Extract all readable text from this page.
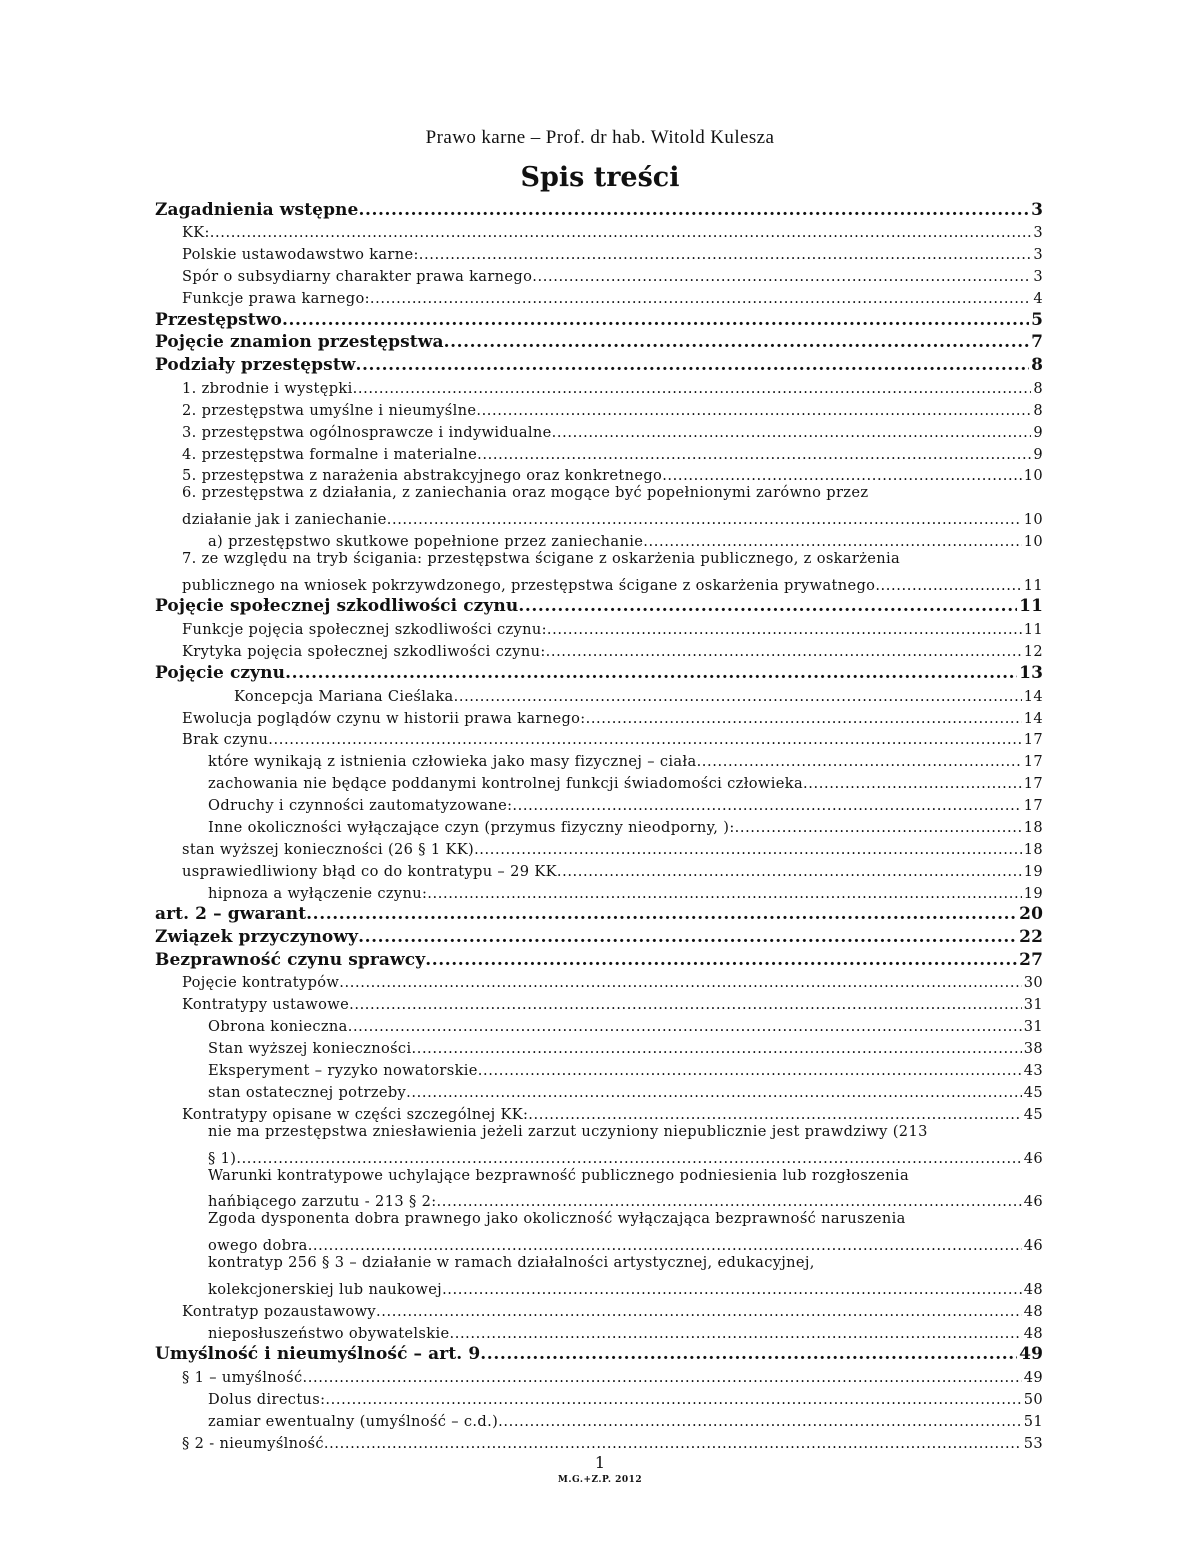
Prawo karne – Prof. dr hab. Witold Kulesza
Spis treści
Zagadnienia wstępne .....	3
KK: .....	3
Polskie ustawodawstwo karne: .....	3
Spór o subsydiarny charakter prawa karnego .....	3
Funkcje prawa karnego: .....	4
Przestępstwo .....	5
Pojęcie znamion przestępstwa .....	7
Podziały przestępstw .....	8
1. zbrodnie i występki .....	8
2. przestępstwa umyślne i nieumyślne .....	8
3. przestępstwa ogólnosprawcze i indywidualne .....	9
4. przestępstwa formalne i materialne .....	9
5. przestępstwa z narażenia abstrakcyjnego oraz konkretnego .....	10
6. przestępstwa z działania, z zaniechania oraz mogące być popełnionymi zarówno przez
działanie jak i zaniechanie .....	10
a) przestępstwo skutkowe popełnione przez zaniechanie .....	10
7. ze względu na tryb ścigania: przestępstwa ścigane z oskarżenia publicznego, z oskarżenia
publicznego na wniosek pokrzywdzonego, przestępstwa ścigane z oskarżenia prywatnego .....	11
Pojęcie społecznej szkodliwości czynu .....	11
Funkcje pojęcia społecznej szkodliwości czynu: .....	11
Krytyka pojęcia społecznej szkodliwości czynu: .....	12
Pojęcie czynu .....	13
Koncepcja Mariana Cieślaka .....	14
Ewolucja poglądów czynu w historii prawa karnego: .....	14
Brak czynu .....	17
które wynikają z istnienia człowieka jako masy fizycznej – ciała .....	17
zachowania nie będące poddanymi kontrolnej funkcji świadomości człowieka .....	17
Odruchy i czynności zautomatyzowane: .....	17
Inne okoliczności wyłączające czyn (przymus fizyczny nieodporny, ): .....	18
stan wyższej konieczności (26 § 1 KK) .....	18
usprawiedliwiony błąd co do kontratypu – 29 KK .....	19
hipnoza a wyłączenie czynu: .....	19
art. 2 – gwarant .....	20
Związek przyczynowy .....	22
Bezprawność czynu sprawcy .....	27
Pojęcie kontratypów .....	30
Kontratypy ustawowe .....	31
Obrona konieczna .....	31
Stan wyższej konieczności .....	38
Eksperyment – ryzyko nowatorskie .....	43
stan ostatecznej potrzeby .....	45
Kontratypy opisane w części szczególnej KK: .....	45
nie ma przestępstwa zniesławienia jeżeli zarzut uczyniony niepublicznie jest prawdziwy (213
§ 1) .....	46
Warunki kontratypowe uchylające bezprawność publicznego podniesienia lub rozgłoszenia
hańbiącego zarzutu - 213 § 2: .....	46
Zgoda dysponenta dobra prawnego jako okoliczność wyłączająca bezprawność naruszenia
owego dobra .....	46
kontratyp 256 § 3 – działanie w ramach działalności artystycznej, edukacyjnej,
kolekcjonerskiej lub naukowej .....	48
Kontratyp pozaustawowy .....	48
nieposłuszeństwo obywatelskie .....	48
Umyślność i nieumyślność – art. 9 .....	49
§ 1 – umyślność .....	49
Dolus directus: .....	50
zamiar ewentualny (umyślność – c.d.) .....	51
§ 2 - nieumyślność .....	53
1
M.G.+Z.P. 2012
